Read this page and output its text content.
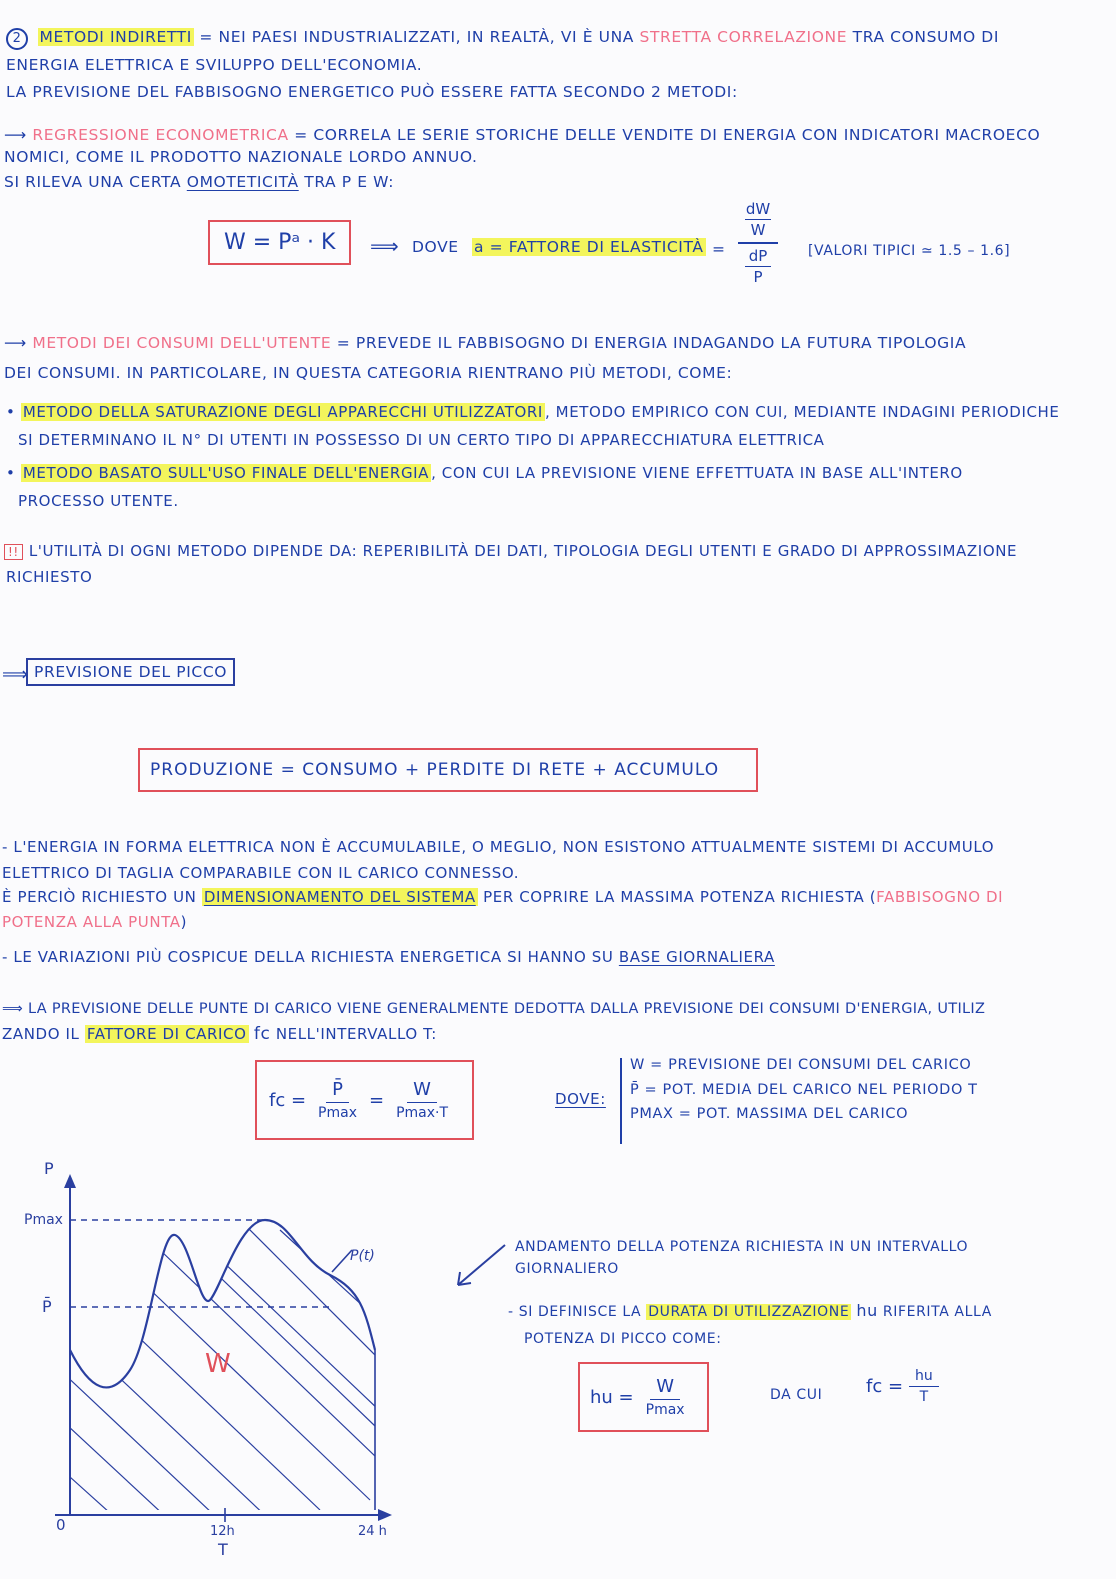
2 METODI INDIRETTI = NEI PAESI INDUSTRIALIZZATI, IN REALTÀ, VI È UNA STRETTA CORRELAZIONE TRA CONSUMO DI
ENERGIA ELETTRICA E SVILUPPO DELL'ECONOMIA.
LA PREVISIONE DEL FABBISOGNO ENERGETICO PUÒ ESSERE FATTA SECONDO 2 METODI:
⟶ REGRESSIONE ECONOMETRICA = CORRELA LE SERIE STORICHE DELLE VENDITE DI ENERGIA CON INDICATORI MACROECO
NOMICI, COME IL PRODOTTO NAZIONALE LORDO ANNUO.
SI RILEVA UNA CERTA OMOTETICITÀ TRA P E W:
W = Pᵃ · K	⟹ DOVE a = FATTORE DI ELASTICITÀ =
dW
W
dP
P
[VALORI TIPICI ≃ 1.5 – 1.6]
⟶ METODI DEI CONSUMI DELL'UTENTE = PREVEDE IL FABBISOGNO DI ENERGIA INDAGANDO LA FUTURA TIPOLOGIA
DEI CONSUMI. IN PARTICOLARE, IN QUESTA CATEGORIA RIENTRANO PIÙ METODI, COME:
• METODO DELLA SATURAZIONE DEGLI APPARECCHI UTILIZZATORI , METODO EMPIRICO CON CUI, MEDIANTE INDAGINI PERIODICHE
SI DETERMINANO IL N° DI UTENTI IN POSSESSO DI UN CERTO TIPO DI APPARECCHIATURA ELETTRICA
• METODO BASATO SULL'USO FINALE DELL'ENERGIA , CON CUI LA PREVISIONE VIENE EFFETTUATA IN BASE ALL'INTERO
PROCESSO UTENTE.
!! L'UTILITÀ DI OGNI METODO DIPENDE DA: REPERIBILITÀ DEI DATI, TIPOLOGIA DEGLI UTENTI E GRADO DI APPROSSIMAZIONE
RICHIESTO
⟹ PREVISIONE DEL PICCO
PRODUZIONE = CONSUMO + PERDITE DI RETE + ACCUMULO
- L'ENERGIA IN FORMA ELETTRICA NON È ACCUMULABILE, O MEGLIO, NON ESISTONO ATTUALMENTE SISTEMI DI ACCUMULO
ELETTRICO DI TAGLIA COMPARABILE CON IL CARICO CONNESSO.
È PERCIÒ RICHIESTO UN DIMENSIONAMENTO DEL SISTEMA PER COPRIRE LA MASSIMA POTENZA RICHIESTA (FABBISOGNO DI
POTENZA ALLA PUNTA)
- LE VARIAZIONI PIÙ COSPICUE DELLA RICHIESTA ENERGETICA SI HANNO SU BASE GIORNALIERA
⟹ LA PREVISIONE DELLE PUNTE DI CARICO VIENE GENERALMENTE DEDOTTA DALLA PREVISIONE DEI CONSUMI D'ENERGIA, UTILIZ
ZANDO IL FATTORE DI CARICO fc NELL'INTERVALLO T:
fc = $\frac{P̄}{Pmax} = \frac{W}{Pmax\cdot T}$	DOVE:
W = PREVISIONE DEI CONSUMI DEL CARICO
P̄ = POT. MEDIA DEL CARICO NEL PERIODO T
PMAX = POT. MASSIMA DEL CARICO
P
Pmax
P̄
P(t)
W
0	12h
T
24 h
ANDAMENTO DELLA POTENZA RICHIESTA IN UN INTERVALLO
GIORNALIERO
- SI DEFINISCE LA DURATA DI UTILIZZAZIONE hu RIFERITA ALLA
POTENZA DI PICCO COME:
hu = $\frac{W}{Pmax}$	DA CUI fc = $\frac{hu}{T}$
